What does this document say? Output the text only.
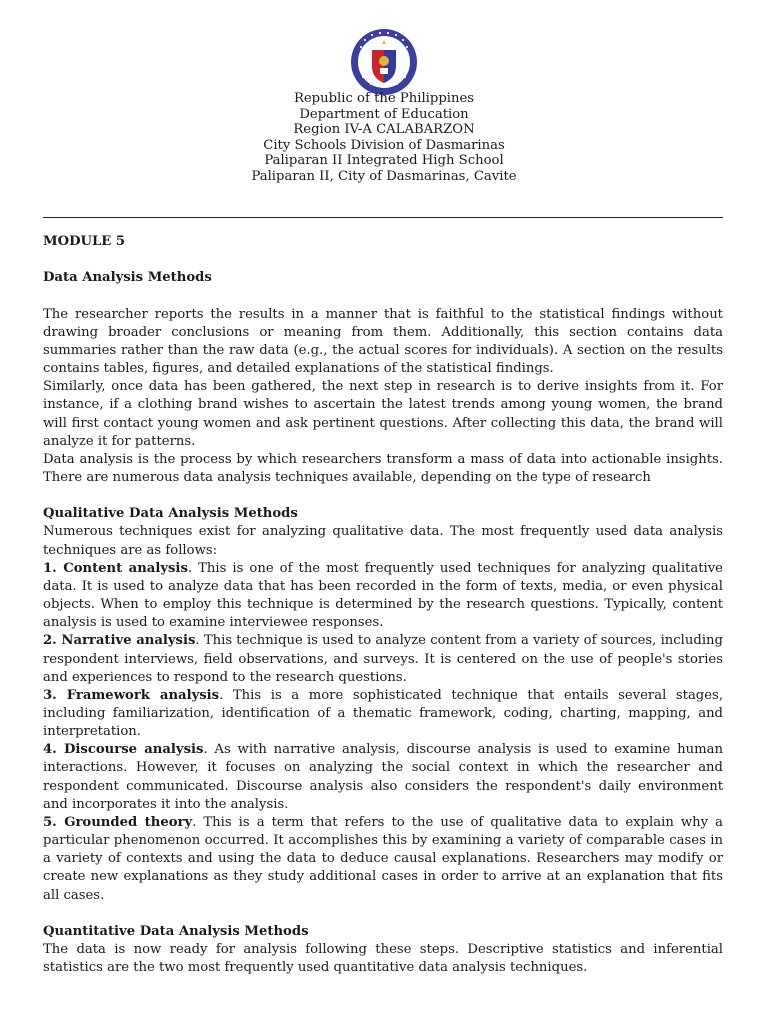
Republic of the Philippines
Department of Education
Region IV-A CALABARZON
City Schools Division of Dasmarinas
Paliparan II Integrated High School
Paliparan II, City of Dasmarinas, Cavite

MODULE 5

Data Analysis Methods

The researcher reports the results in a manner that is faithful to the statistical findings without drawing broader conclusions or meaning from them. Additionally, this section contains data summaries rather than the raw data (e.g., the actual scores for individuals). A section on the results contains tables, figures, and detailed explanations of the statistical findings.

Similarly, once data has been gathered, the next step in research is to derive insights from it. For instance, if a clothing brand wishes to ascertain the latest trends among young women, the brand will first contact young women and ask pertinent questions. After collecting this data, the brand will analyze it for patterns.

Data analysis is the process by which researchers transform a mass of data into actionable insights. There are numerous data analysis techniques available, depending on the type of research

Qualitative Data Analysis Methods

Numerous techniques exist for analyzing qualitative data. The most frequently used data analysis techniques are as follows:

1. Content analysis. This is one of the most frequently used techniques for analyzing qualitative data. It is used to analyze data that has been recorded in the form of texts, media, or even physical objects. When to employ this technique is determined by the research questions. Typically, content analysis is used to examine interviewee responses.

2. Narrative analysis. This technique is used to analyze content from a variety of sources, including respondent interviews, field observations, and surveys. It is centered on the use of people's stories and experiences to respond to the research questions.

3. Framework analysis. This is a more sophisticated technique that entails several stages, including familiarization, identification of a thematic framework, coding, charting, mapping, and interpretation.

4. Discourse analysis. As with narrative analysis, discourse analysis is used to examine human interactions. However, it focuses on analyzing the social context in which the researcher and respondent communicated. Discourse analysis also considers the respondent's daily environment and incorporates it into the analysis.

5. Grounded theory. This is a term that refers to the use of qualitative data to explain why a particular phenomenon occurred. It accomplishes this by examining a variety of comparable cases in a variety of contexts and using the data to deduce causal explanations. Researchers may modify or create new explanations as they study additional cases in order to arrive at an explanation that fits all cases.

Quantitative Data Analysis Methods

The data is now ready for analysis following these steps. Descriptive statistics and inferential statistics are the two most frequently used quantitative data analysis techniques.
